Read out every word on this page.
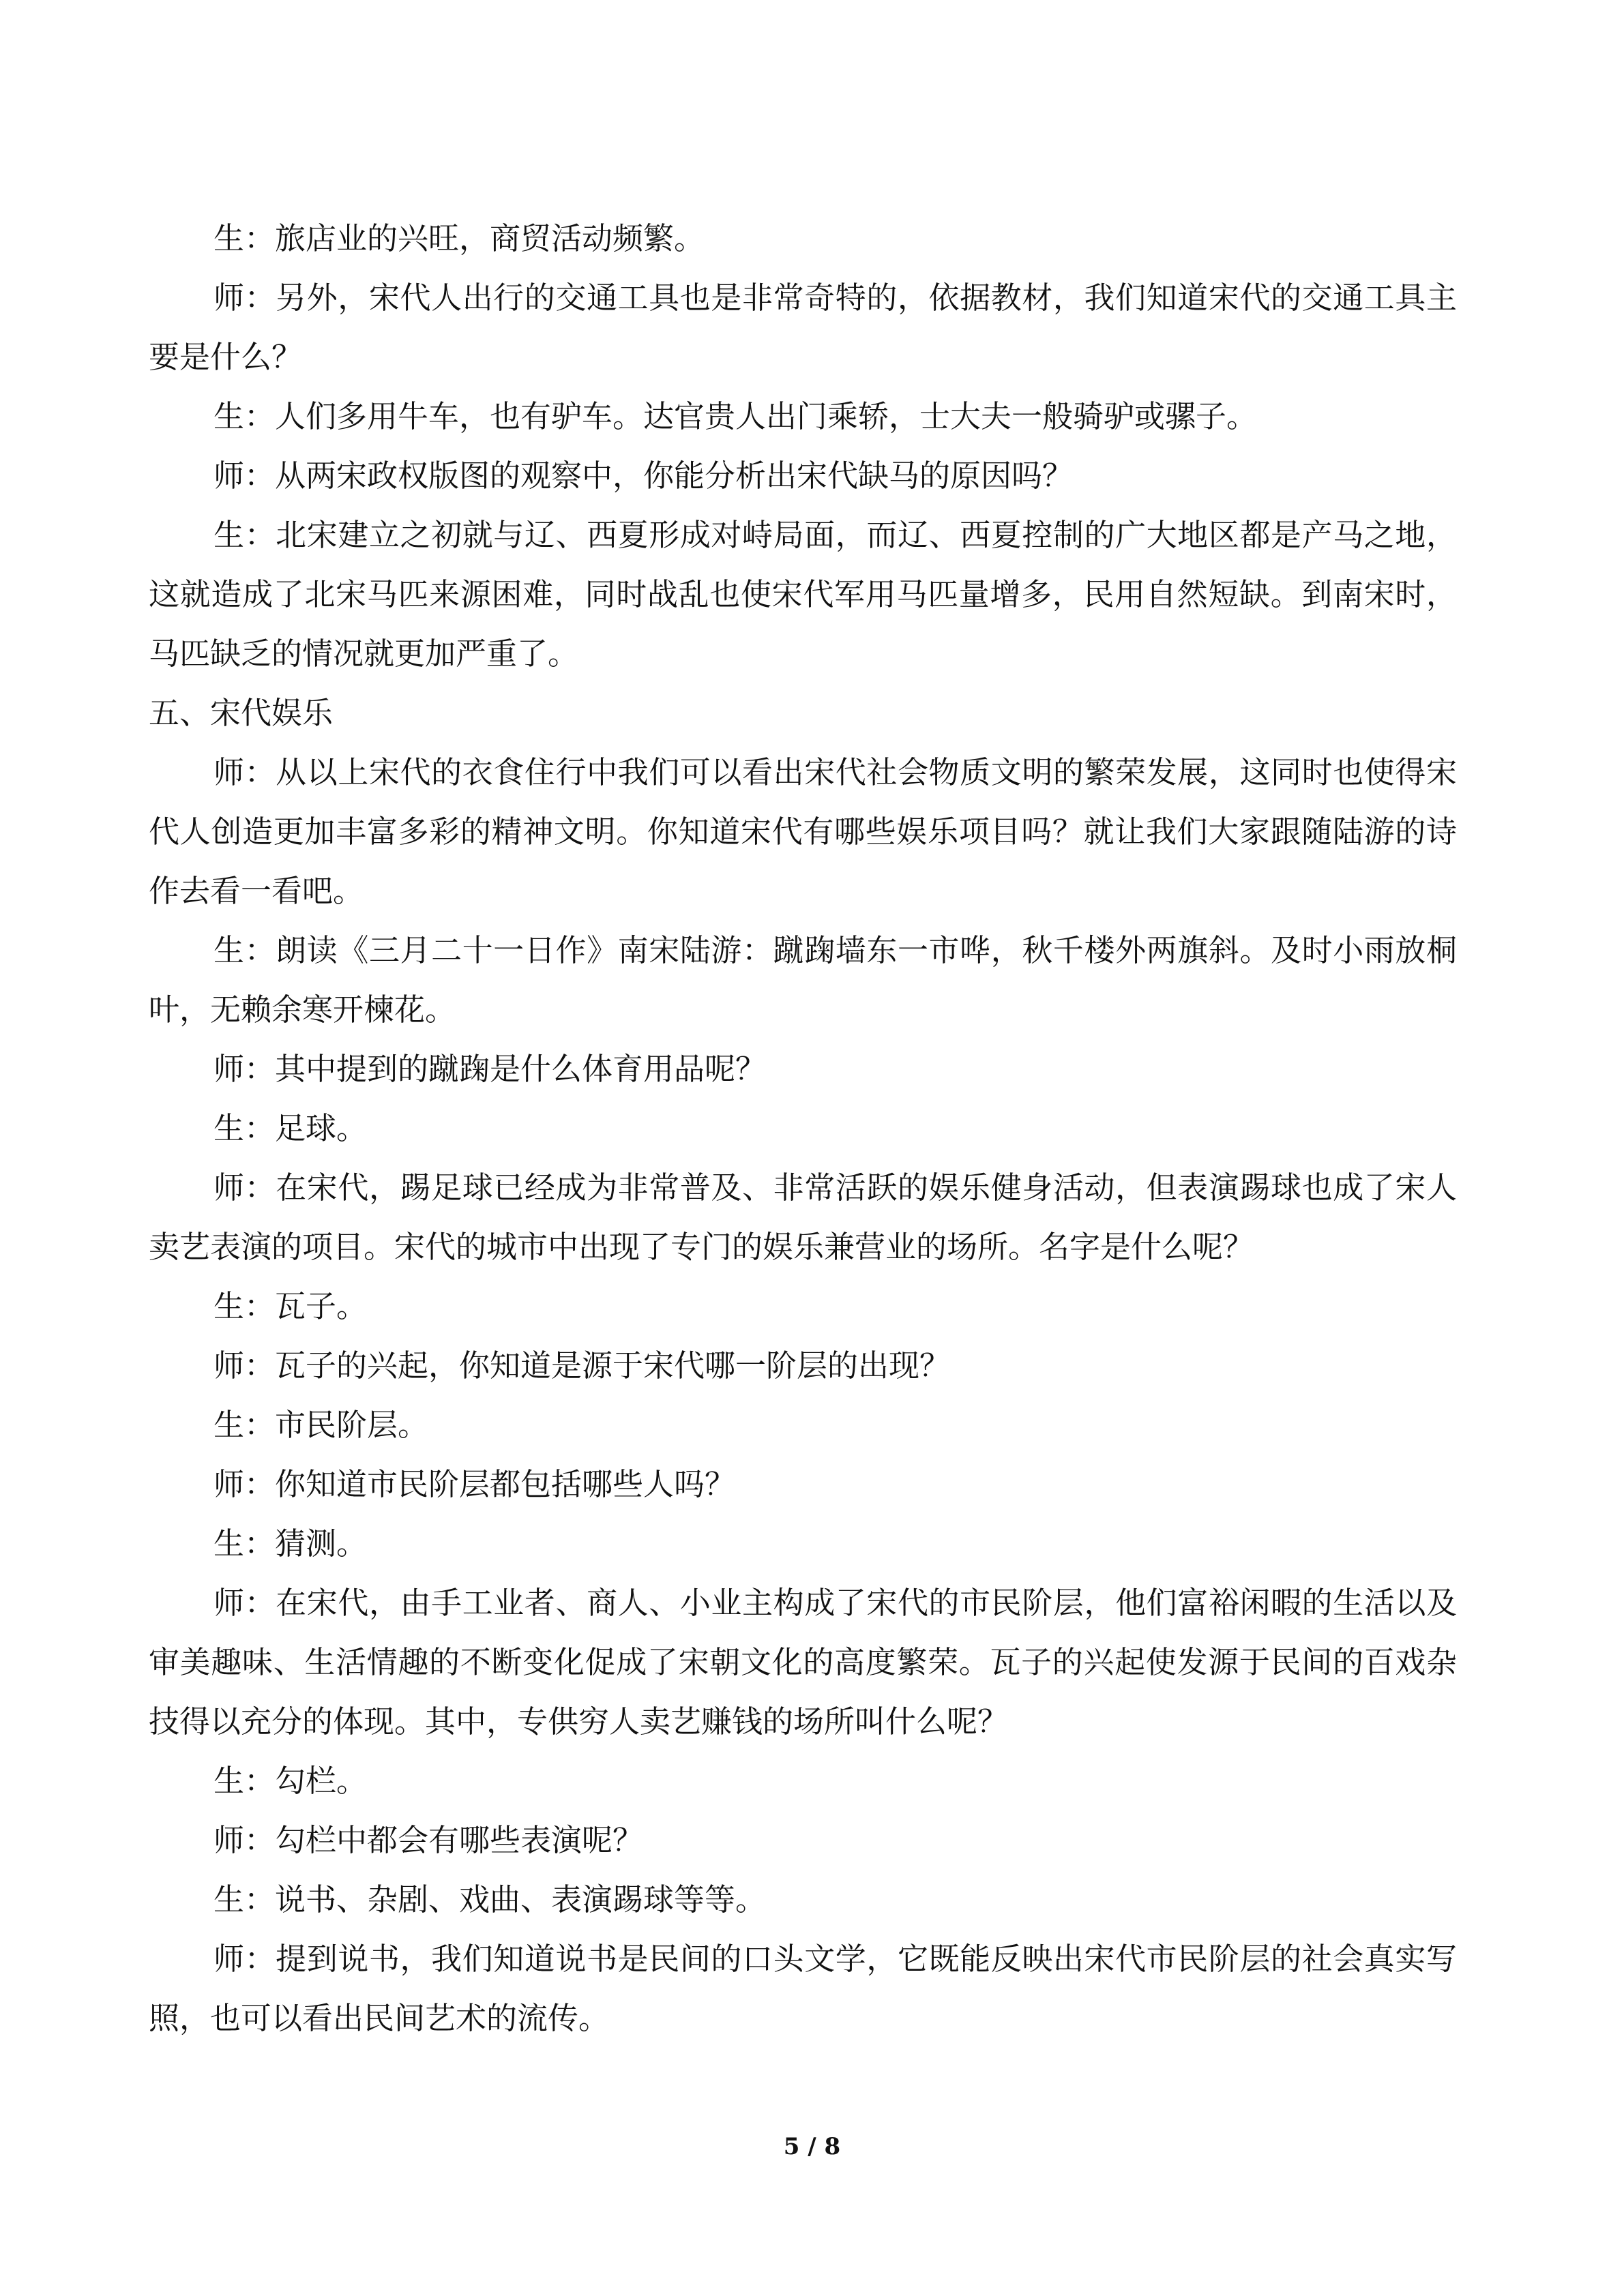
生：旅店业的兴旺，商贸活动频繁。

师：另外，宋代人出行的交通工具也是非常奇特的，依据教材，我们知道宋代的交通工具主要是什么？

生：人们多用牛车，也有驴车。达官贵人出门乘轿，士大夫一般骑驴或骡子。

师：从两宋政权版图的观察中，你能分析出宋代缺马的原因吗？

生：北宋建立之初就与辽、西夏形成对峙局面，而辽、西夏控制的广大地区都是产马之地，这就造成了北宋马匹来源困难，同时战乱也使宋代军用马匹量增多，民用自然短缺。到南宋时，马匹缺乏的情况就更加严重了。

五、宋代娱乐

师：从以上宋代的衣食住行中我们可以看出宋代社会物质文明的繁荣发展，这同时也使得宋代人创造更加丰富多彩的精神文明。你知道宋代有哪些娱乐项目吗？就让我们大家跟随陆游的诗作去看一看吧。

生：朗读《三月二十一日作》南宋陆游：蹴踘墙东一市哗，秋千楼外两旗斜。及时小雨放桐叶，无赖余寒开楝花。

师：其中提到的蹴踘是什么体育用品呢？

生：足球。

师：在宋代，踢足球已经成为非常普及、非常活跃的娱乐健身活动，但表演踢球也成了宋人卖艺表演的项目。宋代的城市中出现了专门的娱乐兼营业的场所。名字是什么呢？

生：瓦子。

师：瓦子的兴起，你知道是源于宋代哪一阶层的出现？

生：市民阶层。

师：你知道市民阶层都包括哪些人吗？

生：猜测。

师：在宋代，由手工业者、商人、小业主构成了宋代的市民阶层，他们富裕闲暇的生活以及审美趣味、生活情趣的不断变化促成了宋朝文化的高度繁荣。瓦子的兴起使发源于民间的百戏杂技得以充分的体现。其中，专供穷人卖艺赚钱的场所叫什么呢？

生：勾栏。

师：勾栏中都会有哪些表演呢？

生：说书、杂剧、戏曲、表演踢球等等。

师：提到说书，我们知道说书是民间的口头文学，它既能反映出宋代市民阶层的社会真实写照，也可以看出民间艺术的流传。

5 / 8
